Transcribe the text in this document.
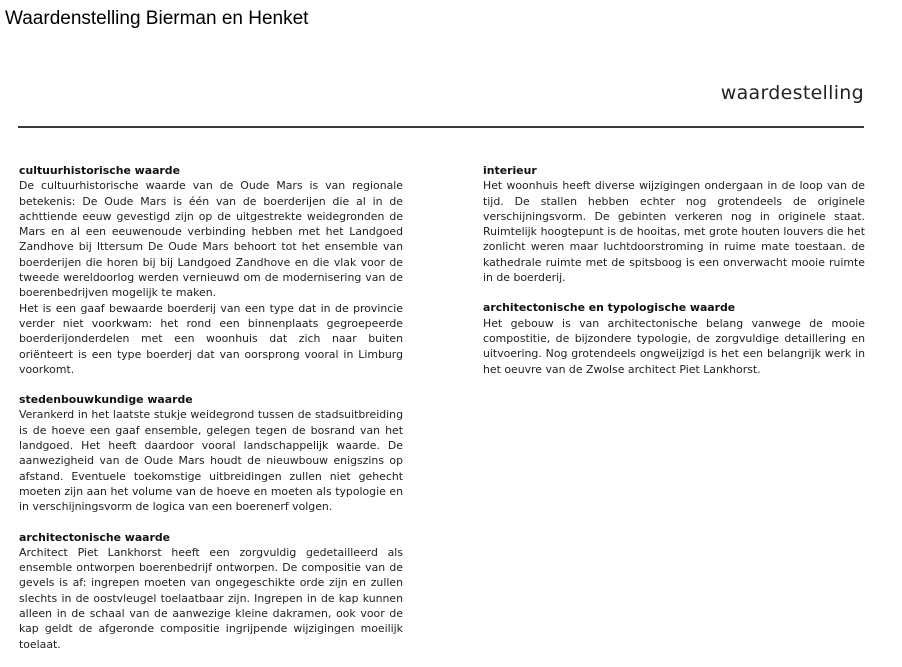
Waardenstelling Bierman en Henket
waardestelling
cultuurhistorische waarde

De cultuurhistorische waarde van de Oude Mars is van regionale betekenis: De Oude Mars is één van de boerderijen die al in de achttiende eeuw gevestigd zijn op de uitgestrekte weidegronden de Mars en al een eeuwenoude verbinding hebben met het Landgoed Zandhove bij Ittersum De Oude Mars behoort tot het ensemble van boerderijen die horen bij bij Landgoed Zandhove en die vlak voor de tweede wereldoorlog werden vernieuwd om de modernisering van de boerenbedrijven mogelijk te maken.

Het is een gaaf bewaarde boerderij van een type dat in de provincie verder niet voorkwam: het rond een binnenplaats gegroepeerde boerderijonderdelen met een woonhuis dat zich naar buiten oriënteert is een type boerderj dat van oorsprong vooral in Limburg voorkomt.

stedenbouwkundige waarde

Verankerd in het laatste stukje weidegrond tussen de stadsuitbreiding is de hoeve een gaaf ensemble, gelegen tegen de bosrand van het landgoed. Het heeft daardoor vooral landschappelijk waarde. De aanwezigheid van de Oude Mars houdt de nieuwbouw enigszins op afstand. Eventuele toekomstige uitbreidingen zullen niet gehecht moeten zijn aan het volume van de hoeve en moeten als typologie en in verschijningsvorm de logica van een boerenerf volgen.

architectonische waarde

Architect Piet Lankhorst heeft een zorgvuldig gedetailleerd als ensemble ontworpen boerenbedrijf ontworpen. De compositie van de gevels is af: ingrepen moeten van ongegeschikte orde zijn en zullen slechts in de oostvleugel toelaatbaar zijn. Ingrepen in de kap kunnen alleen in de schaal van de aanwezige kleine dakramen, ook voor de kap geldt de afgeronde compositie ingrijpende wijzigingen moeilijk toelaat.

interieur

Het woonhuis heeft diverse wijzigingen ondergaan in de loop van de tijd. De stallen hebben echter nog grotendeels de originele verschijningsvorm. De gebinten verkeren nog in originele staat. Ruimtelijk hoogtepunt is de hooitas, met grote houten louvers die het zonlicht weren maar luchtdoorstroming in ruime mate toestaan. de kathedrale ruimte met de spitsboog is een onverwacht mooie ruimte in de boerderij.

architectonische en typologische waarde

Het gebouw is van architectonische belang vanwege de mooie compostitie, de bijzondere typologie, de zorgvuldige detaillering en uitvoering. Nog grotendeels ongweijzigd is het een belangrijk werk in het oeuvre van de Zwolse architect Piet Lankhorst.
